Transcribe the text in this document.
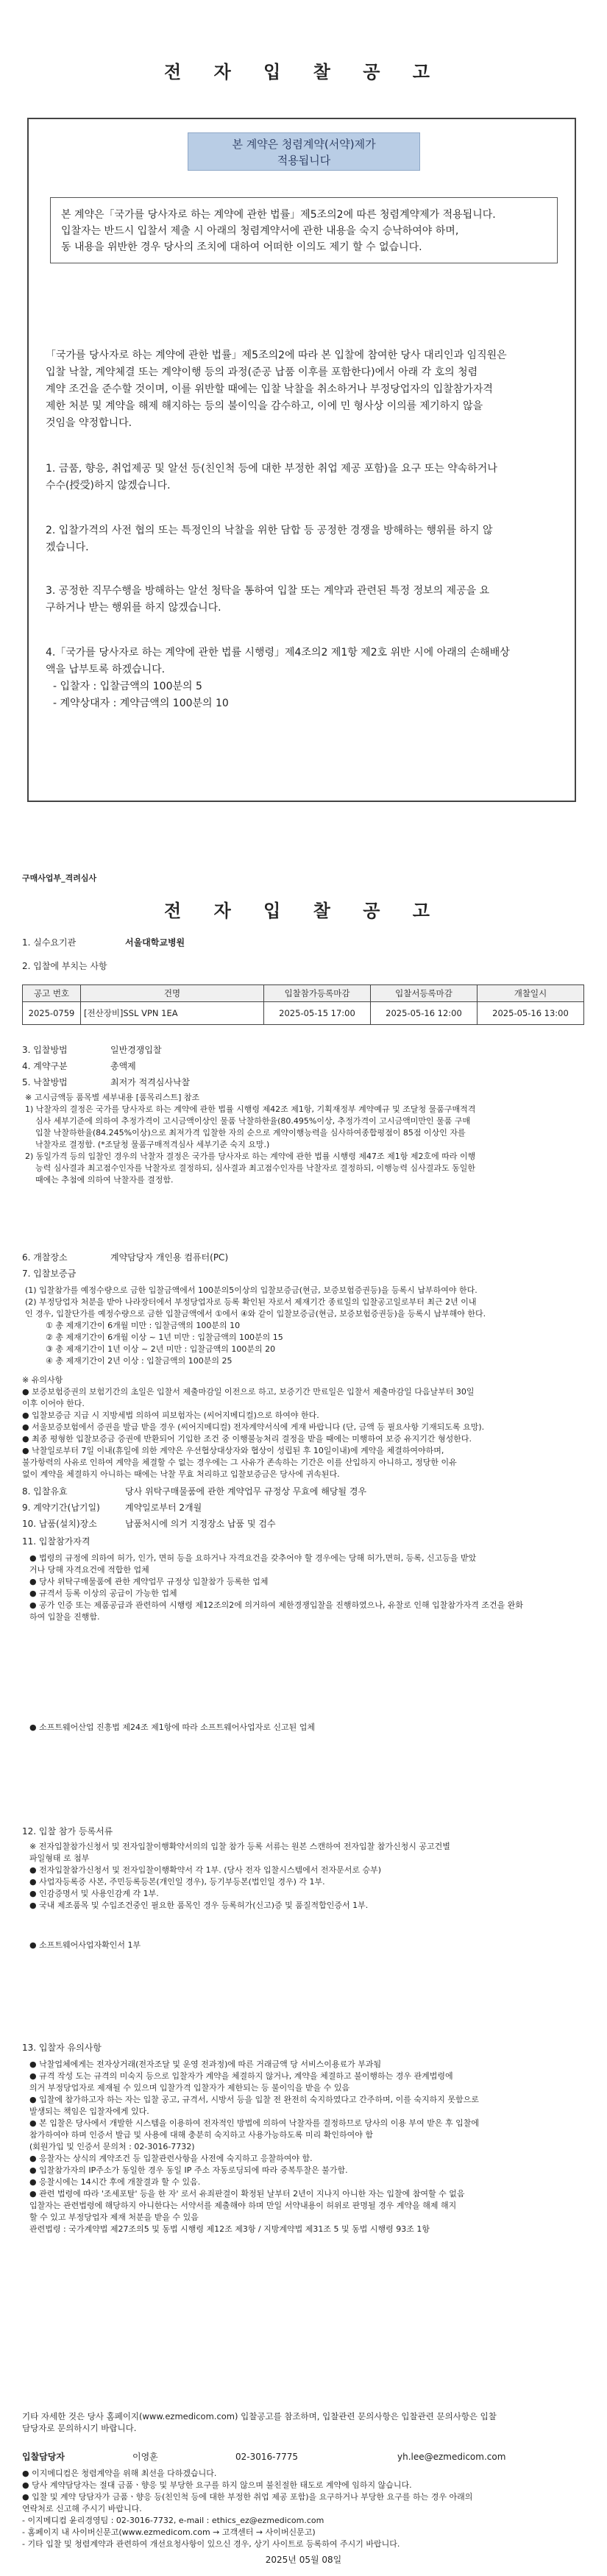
전 자 입 찰 공 고
본 계약은 청렴계약(서약)제가
적용됩니다
본 계약은「국가를 당사자로 하는 계약에 관한 법률」제5조의2에 따른 청렴계약제가 적용됩니다.
입찰자는 반드시 입찰서 제출 시 아래의 청렴계약서에 관한 내용을 숙지 승낙하여야 하며,
동 내용을 위반한 경우 당사의 조치에 대하여 어떠한 이의도 제기 할 수 없습니다.
「국가를 당사자로 하는 계약에 관한 법률」제5조의2에 따라 본 입찰에 참여한 당사 대리인과 임직원은
입찰 낙찰, 계약체결 또는 계약이행 등의 과정(준공 납품 이후를 포함한다)에서 아래 각 호의 청렴
계약 조건을 준수할 것이며, 이를 위반할 때에는 입찰 낙찰을 취소하거나 부정당업자의 입찰참가자격
제한 처분 및 계약을 해제 해지하는 등의 불이익을 감수하고, 이에 민 형사상 이의를 제기하지 않을
것임을 약정합니다.
1. 금품, 향응, 취업제공 및 알선 등(친인척 등에 대한 부정한 취업 제공 포함)을 요구 또는 약속하거나
수수(授受)하지 않겠습니다.
2. 입찰가격의 사전 협의 또는 특정인의 낙찰을 위한 담합 등 공정한 경쟁을 방해하는 행위를 하지 않
겠습니다.
3. 공정한 직무수행을 방해하는 알선 청탁을 통하여 입찰 또는 계약과 관련된 특정 정보의 제공을 요
구하거나 받는 행위를 하지 않겠습니다.
4.「국가를 당사자로 하는 계약에 관한 법률 시행령」제4조의2 제1항 제2호 위반 시에 아래의 손해배상
액을 납부토록 하겠습니다.
- 입찰자 : 입찰금액의 100분의 5
- 계약상대자 : 계약금액의 100분의 10
구매사업부_격려심사
전 자 입 찰 공 고
1. 실수요기관	서울대학교병원
2. 입찰에 부치는 사항
공고 번호	건명	입찰참가등록마감	입찰서등록마감	개찰일시
2025-0759	[전산장비]SSL VPN 1EA	2025-05-15 17:00	2025-05-16 12:00	2025-05-16 13:00
3. 입찰방법	일반경쟁입찰
4. 계약구분	총액제
5. 낙찰방법	최저가 적격심사낙찰
※ 고시금액등 품목별 세부내용 [품목리스트] 참조
1) 낙찰자의 결정은 국가를 당사자로 하는 계약에 관한 법률 시행령 제42조 제1항, 기획재정부 계약예규 및 조달청 물품구매적격
심사 세부기준에 의하여 추정가격이 고시금액이상인 물품 낙찰하한율(80.495%이상, 추정가격이 고시금액미만인 물품 구매
입찰 낙찰하한율(84.245%이상)으로 최저가격 입찰한 자의 순으로 계약이행능력을 심사하여종합평점이 85점 이상인 자를
낙찰자로 결정함. (*조달청 물품구매적격심사 세부기준 숙지 요망.)
2) 동일가격 등의 입찰인 경우의 낙찰자 결정은 국가를 당사자로 하는 계약에 관한 법률 시행령 제47조 제1항 제2호에 따라 이행
능력 심사결과 최고점수인자를 낙찰자로 결정하되, 심사결과 최고점수인자를 낙찰자로 결정하되, 이행능력 심사결과도 동일한
때에는 추첨에 의하여 낙찰자를 결정함.
6. 개찰장소	계약담당자 개인용 컴퓨터(PC)
7. 입찰보증금
(1) 입찰참가를 예정수량으로 금한 입찰금액에서 100분의5이상의 입찰보증금(현금, 보증보험증권등)을 등록시 납부하여야 한다.
(2) 부정당업자 처분을 받아 나라장터에서 부정당업자로 등록 확인된 자로서 제재기간 종료일의 입찰공고일로부터 최근 2년 이내
인 경우, 입찰단가를 예정수량으로 금한 입찰금액에서 ①에서 ④와 같이 입찰보증금(현금, 보증보험증권등)을 등록시 납부해야 한다.
① 총 제재기간이 6개월 미만 : 입찰금액의 100분의 10
② 총 제재기간이 6개월 이상 ~ 1년 미만 : 입찰금액의 100분의 15
③ 총 제재기간이 1년 이상 ~ 2년 미만 : 입찰금액의 100분의 20
④ 총 제재기간이 2년 이상 : 입찰금액의 100분의 25
※ 유의사항
● 보증보험증권의 보험기간의 초일은 입찰서 제출마감일 이전으로 하고, 보증기간 만료일은 입찰서 제출마감일 다음날부터 30일
이후 이어야 한다.
● 입찰보증금 지급 시 지방세법 의하여 피보험자는 (씨어지메디컬)으로 하여야 한다.
● 서울보증보험에서 증권을 발급 받을 경우 (씨어지메디컬) 전자계약서식에 게재 바랍니다 (단, 금액 등 필요사항 기재되도록 요망).
● 최종 평형한 입찰보증금 증권에 반환되어 기입한 조건 중 이행불능처리 결정을 받을 때에는 미행하여 보증 유지기간 형성한다.
● 낙찰일로부터 7일 이내(휴일에 의한 계약은 우선협상대상자와 협상이 성립된 후 10일이내)에 계약을 체결하여야하며,
불가항력의 사유로 인하여 계약을 체결할 수 없는 경우에는 그 사유가 존속하는 기간은 이를 산입하지 아니하고, 정당한 이유
없이 계약을 체결하지 아니하는 때에는 낙찰 무효 처리하고 입찰보증금은 당사에 귀속된다.
8. 입찰유효	당사 위탁구매물품에 관한 계약업무 규정상 무효에 해당될 경우
9. 계약기간(납기일)	계약일로부터 2개월
10. 납품(설치)장소	납품처시에 의거 지정장소 납품 및 검수
11. 입찰참가자격
● 법령의 규정에 의하여 허가, 인가, 면허 등을 요하거나 자격요건을 갖추어야 할 경우에는 당해 허가,면허, 등록, 신고등을 받았
거나 당해 자격요건에 적합한 업체
● 당사 위탁구매물품에 관한 계약업무 규정상 입찰참가 등록한 업체
● 규격서 등록 이상의 공급이 가능한 업체
● 공가 인증 또는 제품공급과 관련하여 시행령 제12조의2에 의거하여 제한경쟁입찰을 진행하였으나, 유찰로 인해 입찰참가자격 조건을 완화
하여 입찰을 진행함.
● 소프트웨어산업 진흥법 제24조 제1항에 따라 소프트웨어사업자로 신고된 업체
12. 입찰 참가 등록서류
※ 전자입찰참가신청서 및 전자입찰이행확약서의의 입찰 참가 등록 서류는 원본 스캔하여 전자입찰 참가신청시 공고건별
파일형태 로 첨부
● 전자입찰참가신청서 및 전자입찰이행확약서 각 1부. (당사 전자 입찰시스템에서 전자문서로 승부)
● 사업자등록증 사본, 주민등록등본(개인일 경우), 등기부등본(법인일 경우) 각 1부.
● 인감증명서 및 사용인감계 각 1부.
● 국내 제조품목 및 수입조건중인 필요한 품목인 경우 등록허가(신고)증 및 품질적합인증서 1부.
● 소프트웨어사업자확인서 1부
13. 입찰자 유의사항
● 낙찰업체에게는 전자상거래(전자조달 및 운영 전과정)에 따른 거래금액 당 서비스이용료가 부과됨
● 규격 작성 도는 규격의 미숙지 등으로 입찰자가 계약을 체결하지 않거나, 계약을 체결하고 불이행하는 경우 관계법령에
의거 부정당업자로 제재될 수 있으며 입찰가격 입찰자가 제한되는 등 불이익을 받을 수 있음
● 입찰에 참가하고자 하는 자는 입찰 공고, 규격서, 시방서 등을 입찰 전 완전히 숙지하였다고 간주하며, 이를 숙지하지 못함으로
발생되는 책임은 입찰자에게 있다.
● 본 입찰은 당사에서 개발한 시스템을 이용하여 전자적인 방법에 의하여 낙찰자를 결정하므로 당사의 이용 부여 받은 후 입찰에
참가하여야 하며 인증서 발급 및 사용에 대해 충분히 숙지하고 사용가능하도록 미리 확인하여야 함
(회원가입 및 인증서 문의처 : 02-3016-7732)
● 응찰자는 상식의 계약조건 등 입찰관련사항을 사전에 숙지하고 응찰하여야 함.
● 입찰참가자의 IP주소가 동일한 경우 동일 IP 주소 자동로딩되에 따라 중복투찰은 불가함.
● 응찰시에는 14시간 후에 개찰결과 할 수 있음.
● 관련 법령에 따라 '조세포탈' 등을 한 자' 로서 유죄판결이 확정된 날부터 2년이 지나지 아니한 자는 입찰에 참여할 수 없음
입찰자는 관련법령에 해당하지 아니한다는 서약서를 제출해야 하며 만일 서약내용이 허위로 판명될 경우 계약을 해제 해지
할 수 있고 부정당업자 제재 처분을 받을 수 있음
관련법령 : 국가계약법 제27조의5 및 동법 시행령 제12조 제3항 / 지방계약법 제31조 5 및 동법 시행령 93조 1항
기타 자세한 것은 당사 홈페이지(www.ezmedicom.com) 입찰공고를 참조하며, 입찰관련 문의사항은 입찰관련 문의사항은 입찰
담당자로 문의하시기 바랍니다.
입찰담당자	이영훈	02-3016-7775	yh.lee@ezmedicom.com
● 이지메디컴은 청렴계약을 위해 최선을 다하겠습니다.
● 당사 계약담당자는 절대 금품ㆍ향응 및 부당한 요구를 하지 않으며 불친절한 태도로 계약에 임하지 않습니다.
● 입찰 및 계약 당담자가 금품ㆍ향응 등(친인척 등에 대한 부정한 취업 제공 포함)을 요구하거나 부당한 요구를 하는 경우 아래의
연락처로 신고해 주시기 바랍니다.
- 이지메디컴 윤리경영팀 : 02-3016-7732, e-mail : ethics_ez@ezmedicom.com
- 홈페이지 내 사이버신문고(www.ezmedicom.com → 고객센터 → 사이버신문고)
- 기타 입찰 및 청렴계약과 관련하여 개선요청사항이 있으신 경우, 상기 사이트로 등록하여 주시기 바랍니다.
2025년 05월 08일
